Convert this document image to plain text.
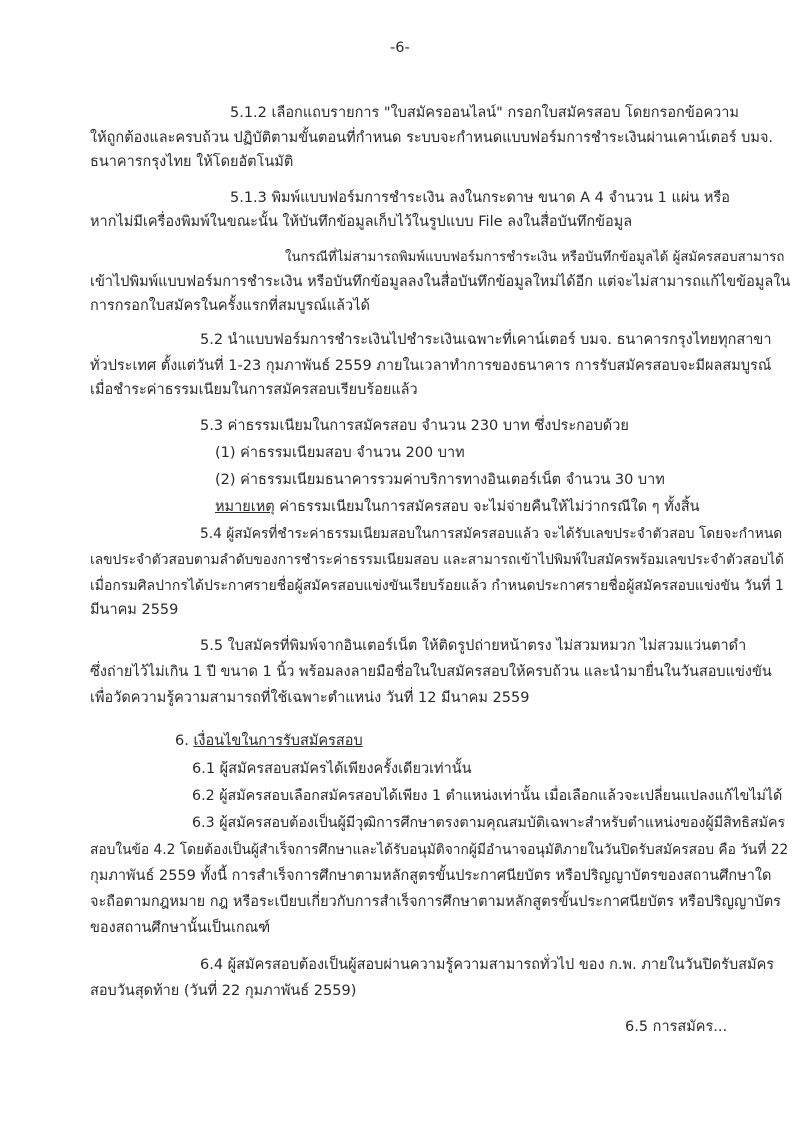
-6-
5.1.2 เลือกแถบรายการ "ใบสมัครออนไลน์" กรอกใบสมัครสอบ โดยกรอกข้อความ
ให้ถูกต้องและครบถ้วน ปฏิบัติตามขั้นตอนที่กำหนด ระบบจะกำหนดแบบฟอร์มการชำระเงินผ่านเคาน์เตอร์ บมจ.
ธนาคารกรุงไทย ให้โดยอัตโนมัติ
5.1.3 พิมพ์แบบฟอร์มการชำระเงิน ลงในกระดาษ ขนาด A 4 จำนวน 1 แผ่น หรือ
หากไม่มีเครื่องพิมพ์ในขณะนั้น ให้บันทึกข้อมูลเก็บไว้ในรูปแบบ File ลงในสื่อบันทึกข้อมูล
ในกรณีที่ไม่สามารถพิมพ์แบบฟอร์มการชำระเงิน หรือบันทึกข้อมูลได้ ผู้สมัครสอบสามารถ
เข้าไปพิมพ์แบบฟอร์มการชำระเงิน หรือบันทึกข้อมูลลงในสื่อบันทึกข้อมูลใหม่ได้อีก แต่จะไม่สามารถแก้ไขข้อมูลใน
การกรอกใบสมัครในครั้งแรกที่สมบูรณ์แล้วได้
5.2 นำแบบฟอร์มการชำระเงินไปชำระเงินเฉพาะที่เคาน์เตอร์ บมจ. ธนาคารกรุงไทยทุกสาขา
ทั่วประเทศ ตั้งแต่วันที่ 1-23 กุมภาพันธ์ 2559 ภายในเวลาทำการของธนาคาร การรับสมัครสอบจะมีผลสมบูรณ์
เมื่อชำระค่าธรรมเนียมในการสมัครสอบเรียบร้อยแล้ว
5.3 ค่าธรรมเนียมในการสมัครสอบ จำนวน 230 บาท ซึ่งประกอบด้วย
(1) ค่าธรรมเนียมสอบ จำนวน 200 บาท
(2) ค่าธรรมเนียมธนาคารรวมค่าบริการทางอินเตอร์เน็ต จำนวน 30 บาท
หมายเหตุ ค่าธรรมเนียมในการสมัครสอบ จะไม่จ่ายคืนให้ไม่ว่ากรณีใด ๆ ทั้งสิ้น
5.4 ผู้สมัครที่ชำระค่าธรรมเนียมสอบในการสมัครสอบแล้ว จะได้รับเลขประจำตัวสอบ โดยจะกำหนด
เลขประจำตัวสอบตามลำดับของการชำระค่าธรรมเนียมสอบ และสามารถเข้าไปพิมพ์ใบสมัครพร้อมเลขประจำตัวสอบได้
เมื่อกรมศิลปากรได้ประกาศรายชื่อผู้สมัครสอบแข่งขันเรียบร้อยแล้ว กำหนดประกาศรายชื่อผู้สมัครสอบแข่งขัน วันที่ 1
มีนาคม 2559
5.5 ใบสมัครที่พิมพ์จากอินเตอร์เน็ต ให้ติดรูปถ่ายหน้าตรง ไม่สวมหมวก ไม่สวมแว่นตาดำ
ซึ่งถ่ายไว้ไม่เกิน 1 ปี ขนาด 1 นิ้ว พร้อมลงลายมือชื่อในใบสมัครสอบให้ครบถ้วน และนำมายื่นในวันสอบแข่งขัน
เพื่อวัดความรู้ความสามารถที่ใช้เฉพาะตำแหน่ง วันที่ 12 มีนาคม 2559
6. เงื่อนไขในการรับสมัครสอบ
6.1 ผู้สมัครสอบสมัครได้เพียงครั้งเดียวเท่านั้น
6.2 ผู้สมัครสอบเลือกสมัครสอบได้เพียง 1 ตำแหน่งเท่านั้น เมื่อเลือกแล้วจะเปลี่ยนแปลงแก้ไขไม่ได้
6.3 ผู้สมัครสอบต้องเป็นผู้มีวุฒิการศึกษาตรงตามคุณสมบัติเฉพาะสำหรับตำแหน่งของผู้มีสิทธิสมัคร
สอบในข้อ 4.2 โดยต้องเป็นผู้สำเร็จการศึกษาและได้รับอนุมัติจากผู้มีอำนาจอนุมัติภายในวันปิดรับสมัครสอบ คือ วันที่ 22
กุมภาพันธ์ 2559 ทั้งนี้ การสำเร็จการศึกษาตามหลักสูตรขั้นประกาศนียบัตร หรือปริญญาบัตรของสถานศึกษาใด
จะถือตามกฎหมาย กฎ หรือระเบียบเกี่ยวกับการสำเร็จการศึกษาตามหลักสูตรขั้นประกาศนียบัตร หรือปริญญาบัตร
ของสถานศึกษานั้นเป็นเกณฑ์
6.4 ผู้สมัครสอบต้องเป็นผู้สอบผ่านความรู้ความสามารถทั่วไป ของ ก.พ. ภายในวันปิดรับสมัคร
สอบวันสุดท้าย (วันที่ 22 กุมภาพันธ์ 2559)
6.5 การสมัคร...
